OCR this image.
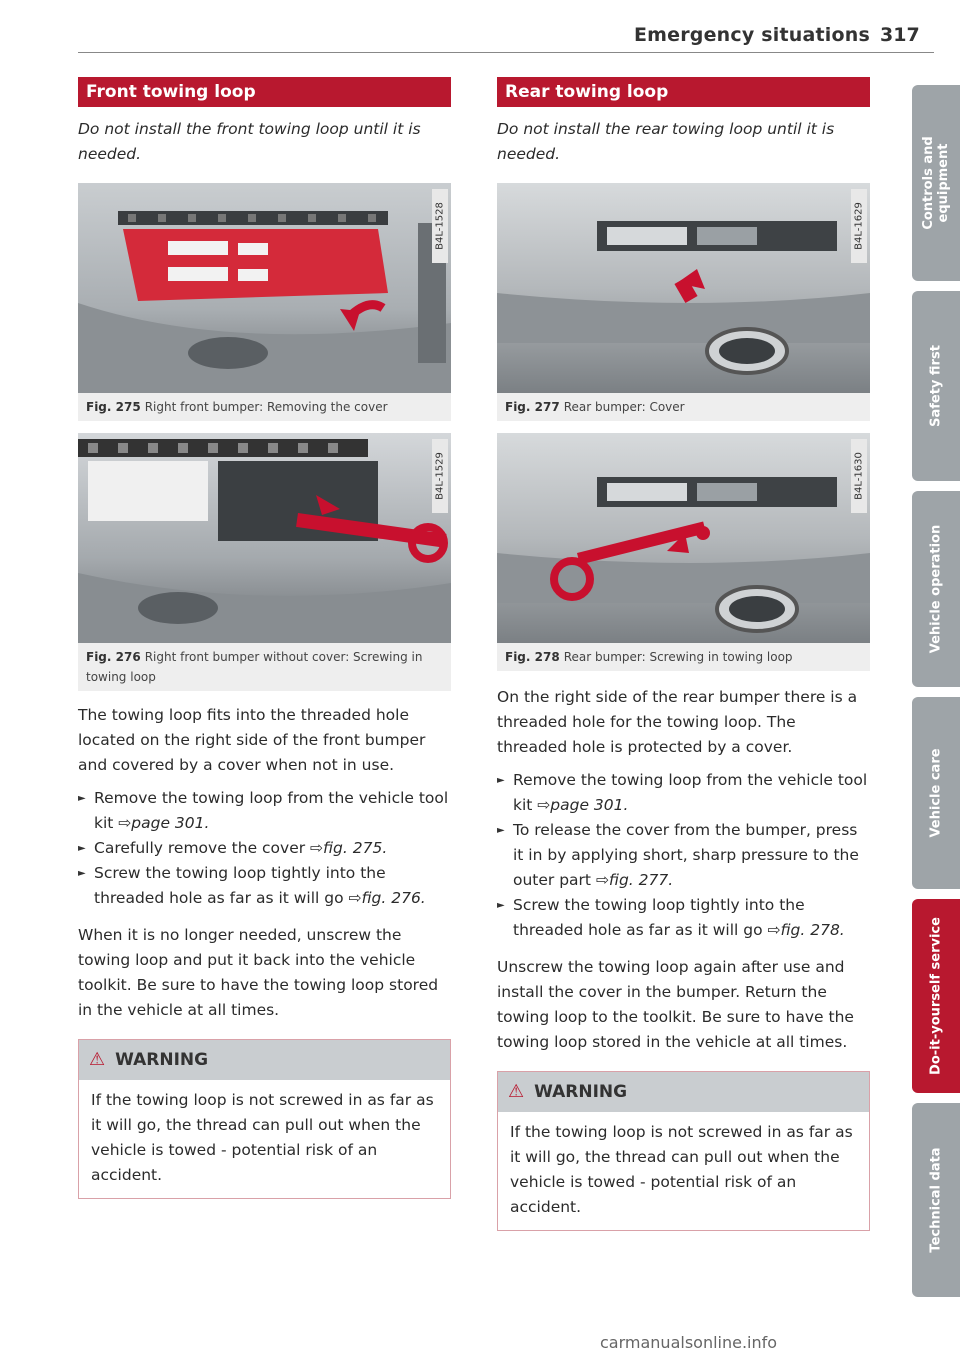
Emergency situations 317
Front towing loop

Do not install the front towing loop until it is needed.

B4L-1528
Fig. 275 Right front bumper: Removing the cover
B4L-1529
Fig. 276 Right front bumper without cover: Screwing in towing loop

The towing loop fits into the threaded hole located on the right side of the front bumper and covered by a cover when not in use.

► Remove the towing loop from the vehicle tool kit ⇨page 301.
► Carefully remove the cover ⇨fig. 275.
► Screw the towing loop tightly into the threaded hole as far as it will go ⇨fig. 276.

When it is no longer needed, unscrew the towing loop and put it back into the vehicle toolkit. Be sure to have the towing loop stored in the vehicle at all times.

⚠ WARNING
If the towing loop is not screwed in as far as it will go, the thread can pull out when the vehicle is towed - potential risk of an accident.
Rear towing loop

Do not install the rear towing loop until it is needed.

B4L-1629
Fig. 277 Rear bumper: Cover
B4L-1630
Fig. 278 Rear bumper: Screwing in towing loop

On the right side of the rear bumper there is a threaded hole for the towing loop. The threaded hole is protected by a cover.

► Remove the towing loop from the vehicle tool kit ⇨page 301.
► To release the cover from the bumper, press it in by applying short, sharp pressure to the outer part ⇨fig. 277.
► Screw the towing loop tightly into the threaded hole as far as it will go ⇨fig. 278.

Unscrew the towing loop again after use and install the cover in the bumper. Return the towing loop to the toolkit. Be sure to have the towing loop stored in the vehicle at all times.

⚠ WARNING
If the towing loop is not screwed in as far as it will go, the thread can pull out when the vehicle is towed - potential risk of an accident.
Controls and equipment
Safety first
Vehicle operation
Vehicle care
Do-it-yourself service
Technical data
carmanualsonline.info
